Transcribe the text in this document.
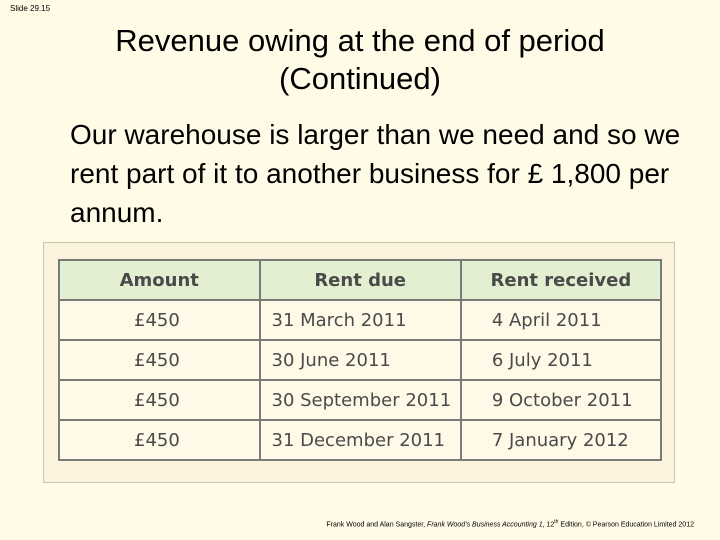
Slide 29.15
Revenue owing at the end of period
(Continued)
Our warehouse is larger than we need and so we rent part of it to another business for £ 1,800 per annum.
Amount	Rent due	Rent received
£450	31 March 2011	4 April 2011
£450	30 June 2011	6 July 2011
£450	30 September 2011	9 October 2011
£450	31 December 2011	7 January 2012
Frank Wood and Alan Sangster, Frank Wood’s Business Accounting 1, 12th Edition, © Pearson Education Limited 2012
